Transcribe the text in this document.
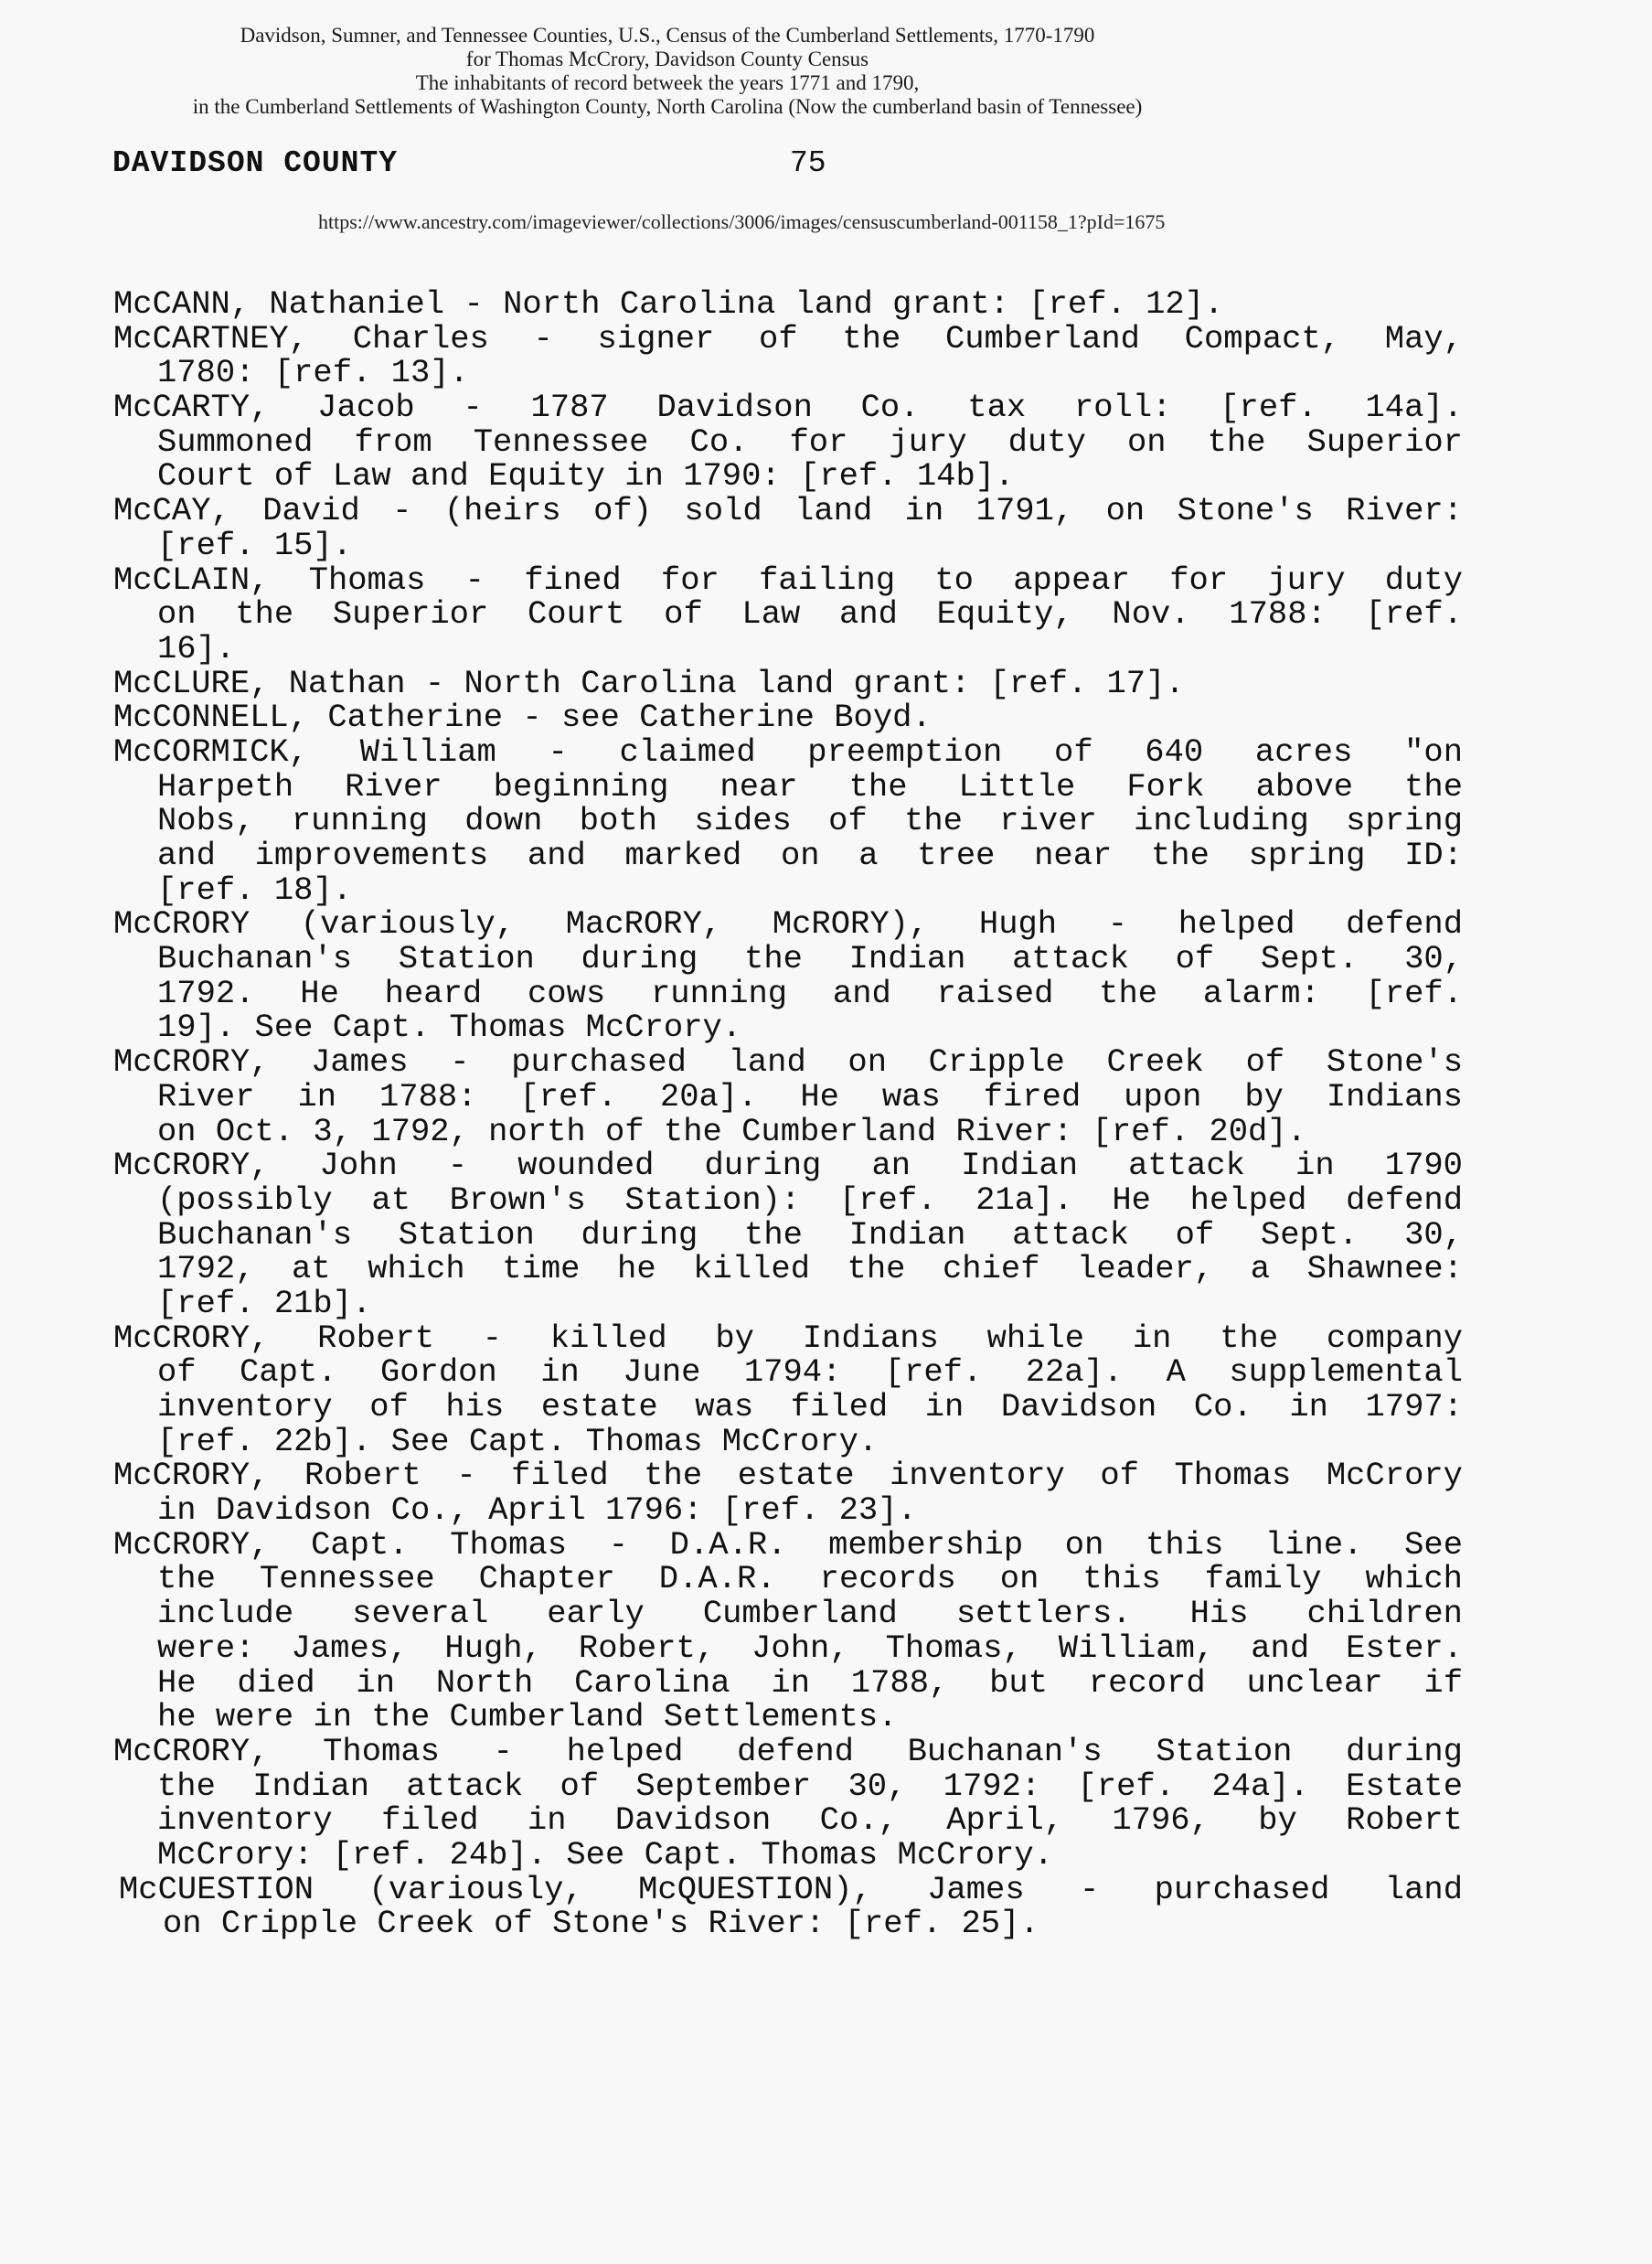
Davidson, Sumner, and Tennessee Counties, U.S., Census of the Cumberland Settlements, 1770-1790
for Thomas McCrory, Davidson County Census
The inhabitants of record betweek the years 1771 and 1790,
in the Cumberland Settlements of Washington County, North Carolina (Now the cumberland basin of Tennessee)
DAVIDSON COUNTY	75
https://www.ancestry.com/imageviewer/collections/3006/images/censuscumberland-001158_1?pId=1675
McCANN, Nathaniel - North Carolina land grant: [ref. 12].
McCARTNEY, Charles - signer of the Cumberland Compact, May,
1780: [ref. 13].
McCARTY, Jacob - 1787 Davidson Co. tax roll: [ref. 14a].
Summoned from Tennessee Co. for jury duty on the Superior
Court of Law and Equity in 1790: [ref. 14b].
McCAY, David - (heirs of) sold land in 1791, on Stone's River:
[ref. 15].
McCLAIN, Thomas - fined for failing to appear for jury duty
on the Superior Court of Law and Equity, Nov. 1788: [ref.
16].
McCLURE, Nathan - North Carolina land grant: [ref. 17].
McCONNELL, Catherine - see Catherine Boyd.
McCORMICK, William - claimed preemption of 640 acres "on
Harpeth River beginning near the Little Fork above the
Nobs, running down both sides of the river including spring
and improvements and marked on a tree near the spring ID:
[ref. 18].
McCRORY (variously, MacRORY, McRORY), Hugh - helped defend
Buchanan's Station during the Indian attack of Sept. 30,
1792. He heard cows running and raised the alarm: [ref.
19]. See Capt. Thomas McCrory.
McCRORY, James - purchased land on Cripple Creek of Stone's
River in 1788: [ref. 20a]. He was fired upon by Indians
on Oct. 3, 1792, north of the Cumberland River: [ref. 20d].
McCRORY, John - wounded during an Indian attack in 1790
(possibly at Brown's Station): [ref. 21a]. He helped defend
Buchanan's Station during the Indian attack of Sept. 30,
1792, at which time he killed the chief leader, a Shawnee:
[ref. 21b].
McCRORY, Robert - killed by Indians while in the company
of Capt. Gordon in June 1794: [ref. 22a]. A supplemental
inventory of his estate was filed in Davidson Co. in 1797:
[ref. 22b]. See Capt. Thomas McCrory.
McCRORY, Robert - filed the estate inventory of Thomas McCrory
in Davidson Co., April 1796: [ref. 23].
McCRORY, Capt. Thomas - D.A.R. membership on this line. See
the Tennessee Chapter D.A.R. records on this family which
include several early Cumberland settlers. His children
were: James, Hugh, Robert, John, Thomas, William, and Ester.
He died in North Carolina in 1788, but record unclear if
he were in the Cumberland Settlements.
McCRORY, Thomas - helped defend Buchanan's Station during
the Indian attack of September 30, 1792: [ref. 24a]. Estate
inventory filed in Davidson Co., April, 1796, by Robert
McCrory: [ref. 24b]. See Capt. Thomas McCrory.
McCUESTION (variously, McQUESTION), James - purchased land
on Cripple Creek of Stone's River: [ref. 25].
